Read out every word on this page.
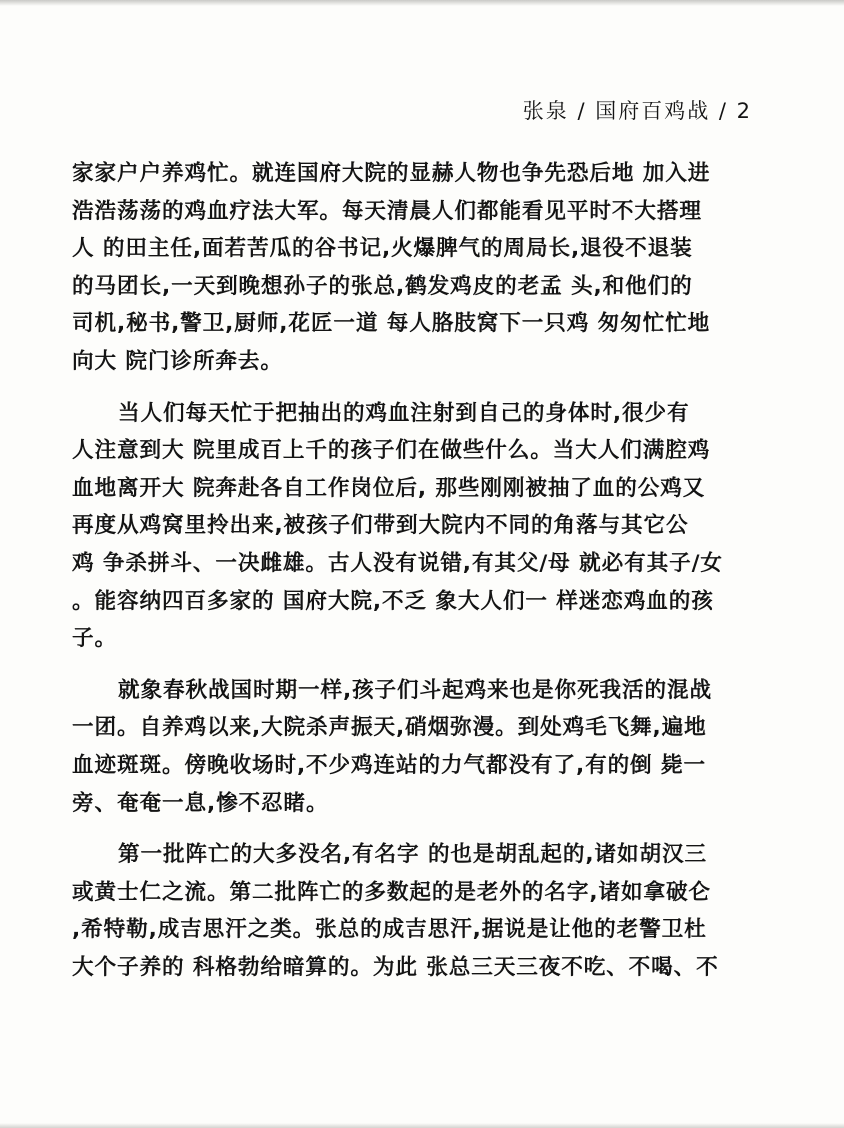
张泉 / 国府百鸡战 / 2

家家户户养鸡忙。就连国府大院的显赫人物也争先恐后地 加入进
浩浩荡荡的鸡血疗法大军。每天清晨人们都能看见平时不大搭理
人 的田主任,面若苦瓜的谷书记,火爆脾气的周局长,退役不退装
的马团长,一天到晚想孙子的张总,鹤发鸡皮的老孟 头,和他们的
司机,秘书,警卫,厨师,花匠一道 每人胳肢窝下一只鸡 匆匆忙忙地
向大 院门诊所奔去。

当人们每天忙于把抽出的鸡血注射到自己的身体时,很少有
人注意到大 院里成百上千的孩子们在做些什么。当大人们满腔鸡
血地离开大 院奔赴各自工作岗位后, 那些刚刚被抽了血的公鸡又
再度从鸡窝里拎出来,被孩子们带到大院内不同的角落与其它公
鸡 争杀拼斗、一决雌雄。古人没有说错,有其父/母 就必有其子/女
。能容纳四百多家的 国府大院,不乏 象大人们一 样迷恋鸡血的孩
子。

就象春秋战国时期一样,孩子们斗起鸡来也是你死我活的混战
一团。自养鸡以来,大院杀声振天,硝烟弥漫。到处鸡毛飞舞,遍地
血迹斑斑。傍晚收场时,不少鸡连站的力气都没有了,有的倒 毙一
旁、奄奄一息,惨不忍睹。

第一批阵亡的大多没名,有名字 的也是胡乱起的,诸如胡汉三
或黄士仁之流。第二批阵亡的多数起的是老外的名字,诸如拿破仑
,希特勒,成吉思汗之类。张总的成吉思汗,据说是让他的老警卫杜
大个子养的 科格勃给暗算的。为此 张总三天三夜不吃、不喝、不
